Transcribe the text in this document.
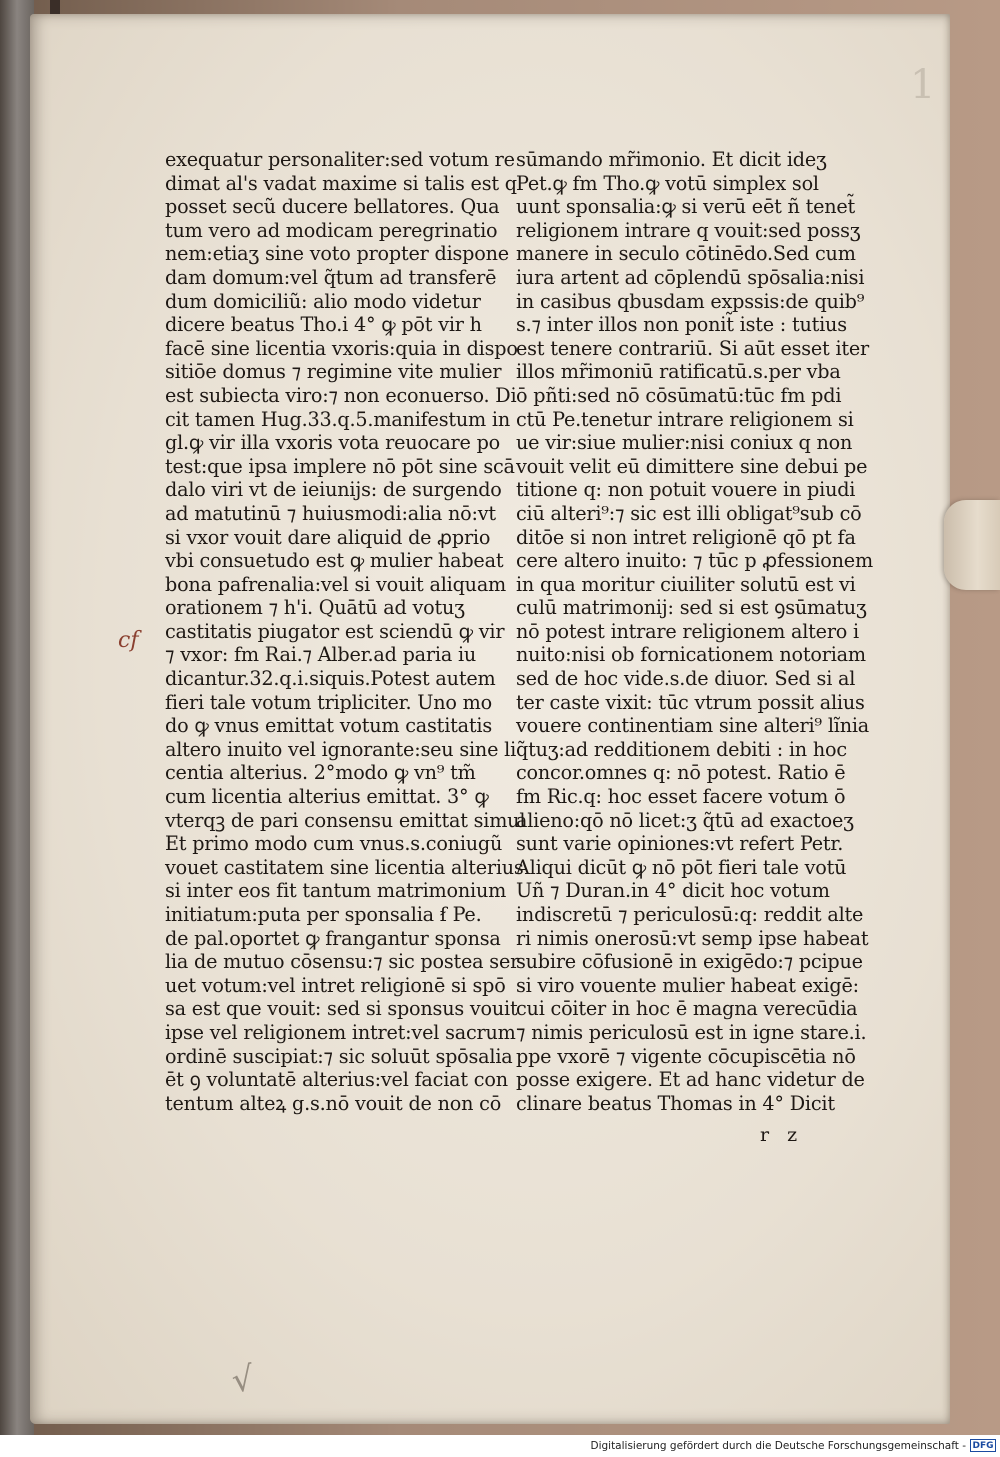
1
exequatur personaliter:sed votum re
dimat al's vadat maxime si talis est q
posset secũ ducere bellatores. Qua
tum vero ad modicam peregrinatio
nem:etiaʒ sine voto propter dispone
dam domum:vel q̃tum ad transferē
dum domiciliũ: alio modo videtur
dicere beatus Tho.i 4° ꝙ pōt vir h
facē sine licentia vxoris:quia in dispo
sitiōe domus ⁊ regimine vite mulier
est subiecta viro:⁊ non econuerso. Di
cit tamen Hug.33.q.5.manifestum in
gl.ꝙ vir illa vxoris vota reuocare po
test:que ipsa implere nō pōt sine scā
dalo viri vt de ieiunijs: de surgendo
ad matutinū ⁊ huiusmodi:alia nō:vt
si vxor vouit dare aliquid de ꝓprio
vbi consuetudo est ꝙ mulier habeat
bona pafrenalia:vel si vouit aliquam
orationem ⁊ h'i. Quātū ad votuʒ
castitatis piugator est sciendū ꝙ vir
⁊ vxor: fm Rai.⁊ Alber.ad paria iu
dicantur.32.q.i.siquis.Potest autem
fieri tale votum tripliciter. Uno mo
do ꝙ vnus emittat votum castitatis
altero inuito vel ignorante:seu sine li
centia alterius. 2°modo ꝙ vn⁹ tm̃
cum licentia alterius emittat. 3° ꝙ
vterqꝫ de pari consensu emittat simul
Et primo modo cum vnus.s.coniugũ
vouet castitatem sine licentia alterius
si inter eos fit tantum matrimonium
initiatum:puta per sponsalia ẜ Pe.
de pal.oportet ꝙ frangantur sponsa
lia de mutuo cōsensu:⁊ sic postea ser
uet votum:vel intret religionē si spō
sa est que vouit: sed si sponsus vouit
ipse vel religionem intret:vel sacrum
ordinē suscipiat:⁊ sic soluūt spōsalia
ēt ꝯ voluntatē alterius:vel faciat con
tentum alteꝝ g.s.nō vouit de non cō
sūmando mr̃imonio. Et dicit ideʒ
Pet.ꝙ fm Tho.ꝙ votū simplex sol
uunt sponsalia:ꝙ si verū eēt ñ tenet̃
religionem intrare q vouit:sed possʒ
manere in seculo cōtinēdo.Sed cum
iura artent ad cōplendū spōsalia:nisi
in casibus qbusdam expssis:de quib⁹
s.⁊ inter illos non ponit̃ iste : tutius
est tenere contrariū. Si aūt esset iter
illos mr̃imoniū ratificatū.s.per vba
ō pñti:sed nō cōsūmatū:tūc fm pdi
ctū Pe.tenetur intrare religionem si
ue vir:siue mulier:nisi coniux q non
vouit velit eū dimittere sine debui pe
titione q: non potuit vouere in piudi
ciū alteri⁹:⁊ sic est illi obligat⁹sub cō
ditōe si non intret religionē qō pt fa
cere altero inuito: ⁊ tūc p ꝓfessionem
in qua moritur ciuiliter solutū est vi
culū matrimonij: sed si est ꝯsūmatuʒ
nō potest intrare religionem altero i
nuito:nisi ob fornicationem notoriam
sed de hoc vide.s.de diuor. Sed si al
ter caste vixit: tūc vtrum possit alius
vouere continentiam sine alteri⁹ lĩnia
q̃tuʒ:ad redditionem debiti : in hoc
concor.omnes q: nō potest. Ratio ē
fm Ric.q: hoc esset facere votum ō
alieno:qō nō licet:ʒ q̃tū ad exactoeʒ
sunt varie opiniones:vt refert Petr.
Aliqui dicūt ꝙ nō pōt fieri tale votū
Uñ ⁊ Duran.in 4° dicit hoc votum
indiscretū ⁊ periculosū:q: reddit alte
ri nimis onerosū:vt semp ipse habeat
subire cōfusionē in exigēdo:⁊ pcipue
si viro vouente mulier habeat exigē:
cui cōiter in hoc ē magna verecūdia
⁊ nimis periculosū est in igne stare.i.
ppe vxorē ⁊ vigente cōcupiscētia nō
posse exigere. Et ad hanc videtur de
clinare beatus Thomas in 4° Dicit
cf
r z
√
Digitalisierung gefördert durch die Deutsche Forschungsgemeinschaft - DFG
